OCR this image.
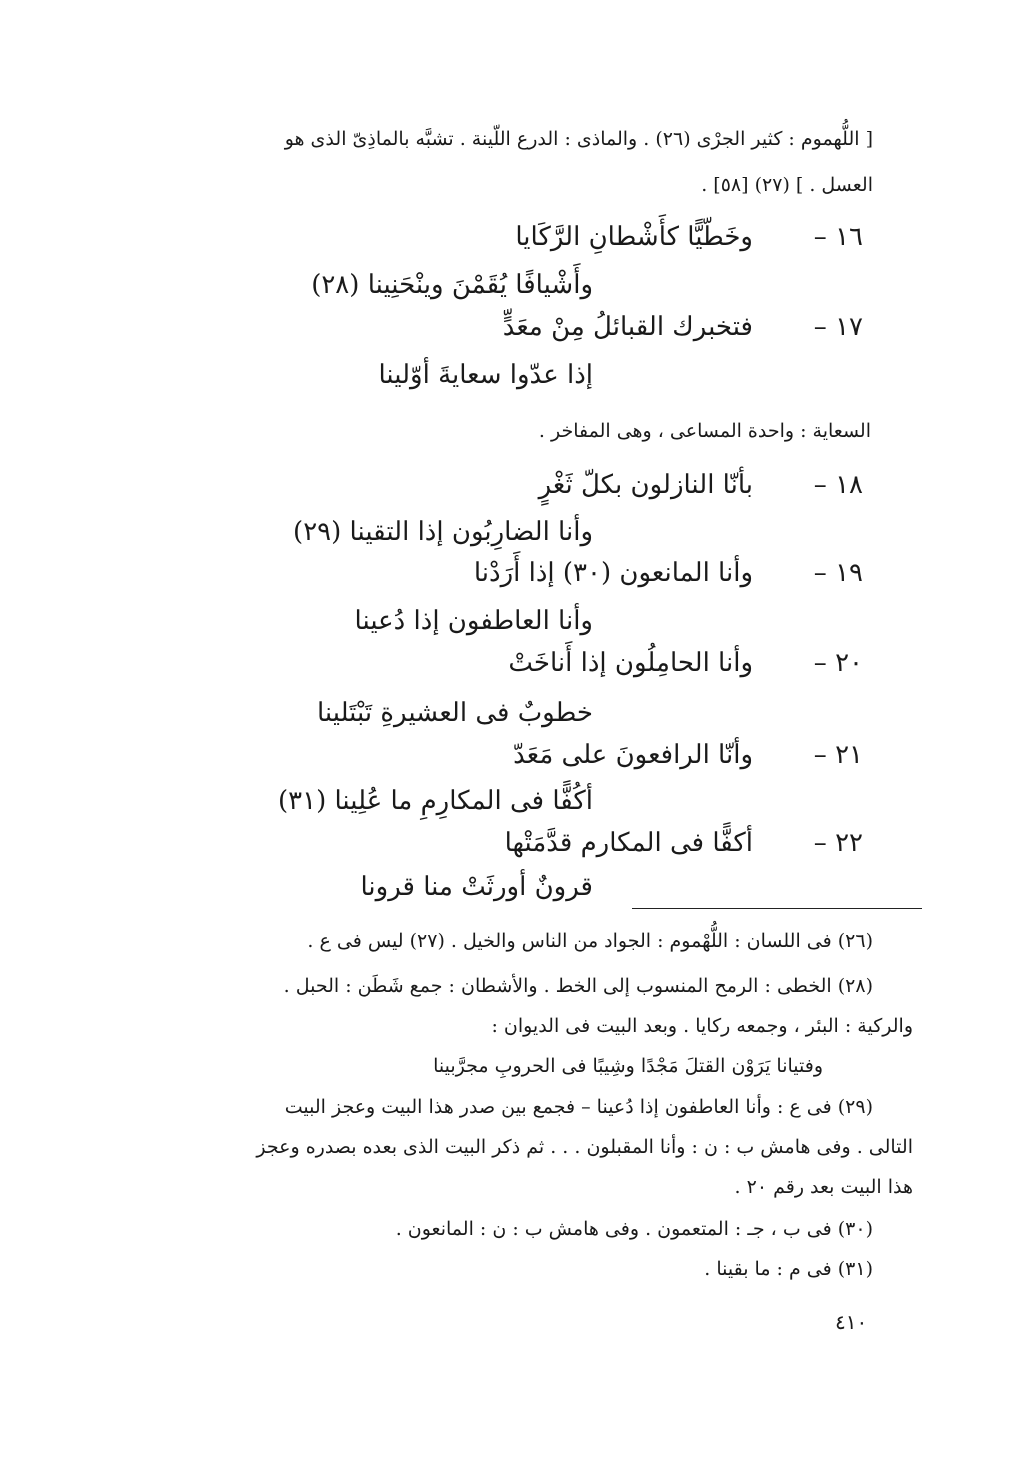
[ اللُّهموم : كثير الجرْى (٢٦) . والماذى : الدرع اللّينة . تشبَّه بالماذِىّ الذى هو
العسل . ] (٢٧) [٥٨] .
١٦ –
وخَطّيًّا كأَشْطانِ الرَّكَايا
وأَشْيافًا يُقَمْنَ وينْحَنِينا (٢٨)
١٧ –
فتخبرك القبائلُ مِنْ معَدٍّ
إذا عدّوا سعايةَ أوّلينا
السعاية : واحدة المساعى ، وهى المفاخر .
١٨ –
بأنّا النازلون بكلّ ثَغْرٍ
وأنا الضارِبُون إذا التقينا (٢٩)
١٩ –
وأنا المانعون (٣٠) إذا أَرَدْنا
وأنا العاطفون إذا دُعينا
٢٠ –
وأنا الحامِلُون إذا أَناخَتْ
خطوبٌ فى العشيرةِ تَبْتَلينا
٢١ –
وأنّا الرافعونَ على مَعَدّ
أكُفًّا فى المكارِمِ ما عُلِينا (٣١)
٢٢ –
أكفًّا فى المكارم قدَّمَتْها
قرونٌ أورثَتْ منا قرونا
(٢٦) فى اللسان : اللُّهْموم : الجواد من الناس والخيل . (٢٧) ليس فى ع .
(٢٨) الخطى : الرمح المنسوب إلى الخط . والأشطان : جمع شَطَن : الحبل .
والركية : البئر ، وجمعه ركايا . وبعد البيت فى الديوان :
وفتيانا يَرَوْن القتلَ مَجْدًا وشِيبًا فى الحروبِ مجرَّبينا
(٢٩) فى ع : وأنا العاطفون إذا دُعينا – فجمع بين صدر هذا البيت وعجز البيت
التالى . وفى هامش ب : ن : وأنا المقبلون . . . ثم ذكر البيت الذى بعده بصدره وعجز
هذا البيت بعد رقم ٢٠ .
(٣٠) فى ب ، جـ : المتعمون . وفى هامش ب : ن : المانعون .
(٣١) فى م : ما بقينا .
٤١٠
